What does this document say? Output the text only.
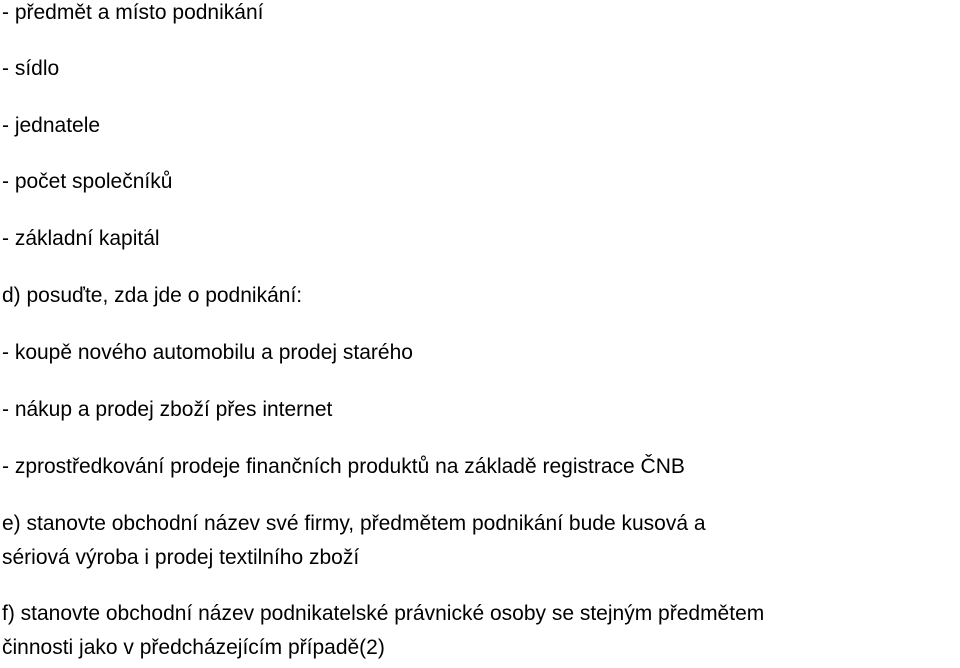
- předmět a místo podnikání
- sídlo
- jednatele
- počet společníků
- základní kapitál
d) posuďte, zda jde o podnikání:
- koupě nového automobilu a prodej starého
- nákup a prodej zboží přes internet
- zprostředkování prodeje finančních produktů na základě registrace ČNB
e) stanovte obchodní název své firmy, předmětem podnikání bude kusová a
sériová výroba i prodej textilního zboží
f) stanovte obchodní název podnikatelské právnické osoby se stejným předmětem
činnosti jako v předcházejícím případě(2)
